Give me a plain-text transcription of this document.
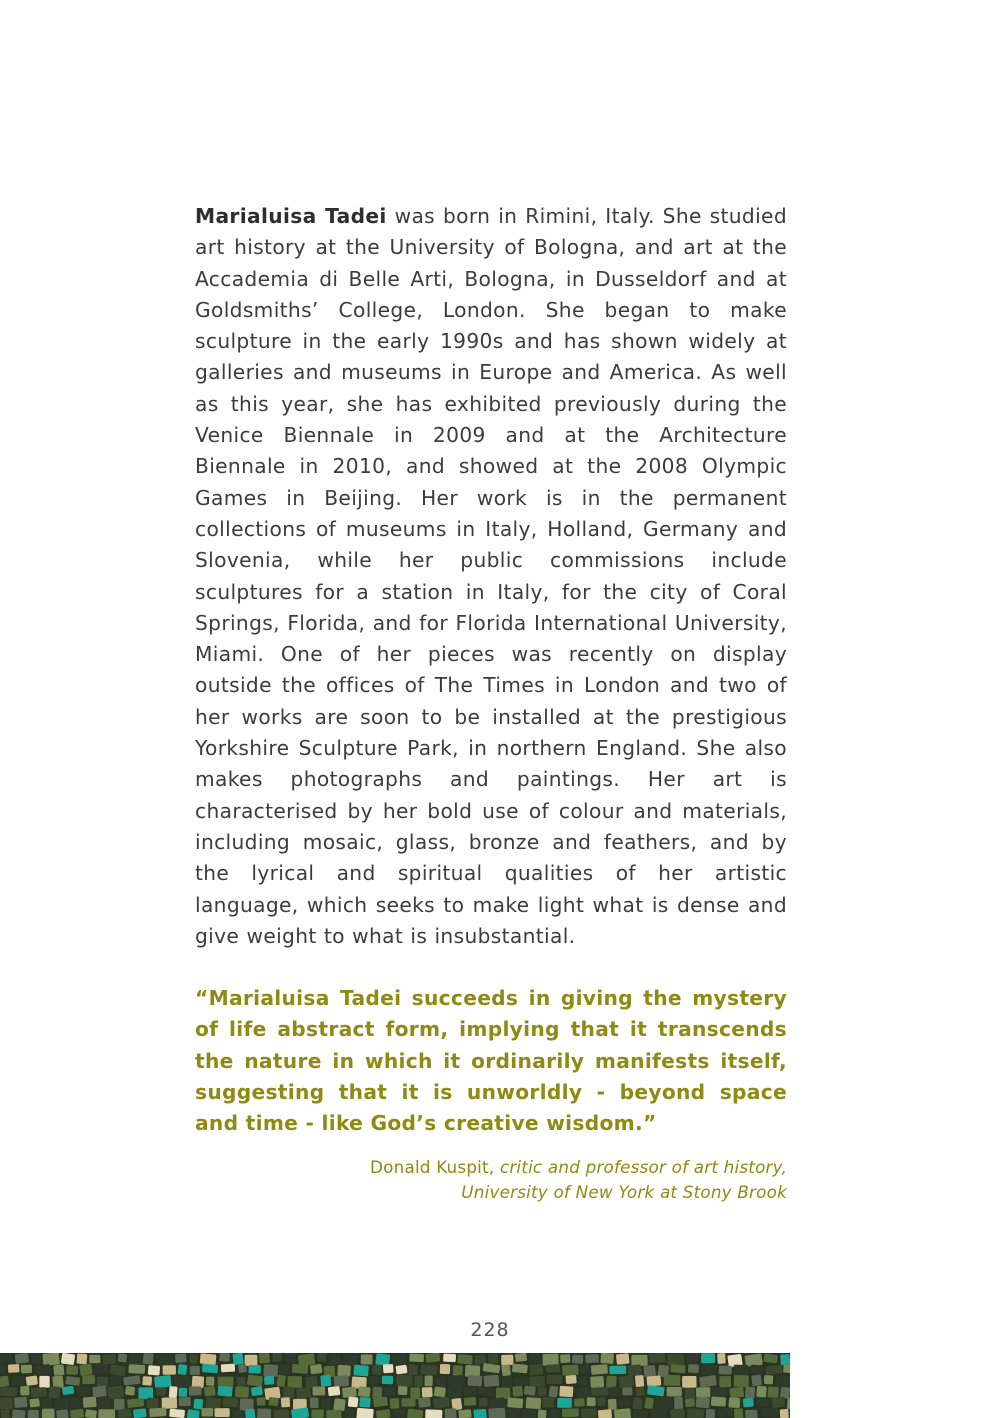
Marialuisa Tadei was born in Rimini, Italy. She studied art history at the University of Bologna, and art at the Accademia di Belle Arti, Bologna, in Dusseldorf and at Goldsmiths’ College, London. She began to make sculpture in the early 1990s and has shown widely at galleries and museums in Europe and America. As well as this year, she has exhibited previously during the Venice Biennale in 2009 and at the Architecture Biennale in 2010, and showed at the 2008 Olympic Games in Beijing. Her work is in the permanent collections of museums in Italy, Holland, Germany and Slovenia, while her public commissions include sculptures for a station in Italy, for the city of Coral Springs, Florida, and for Florida International University, Miami. One of her pieces was recently on display outside the offices of The Times in London and two of her works are soon to be installed at the prestigious Yorkshire Sculpture Park, in northern England. She also makes photographs and paintings. Her art is characterised by her bold use of colour and materials, including mosaic, glass, bronze and feathers, and by the lyrical and spiritual qualities of her artistic language, which seeks to make light what is dense and give weight to what is insubstantial.

“Marialuisa Tadei succeeds in giving the mystery of life abstract form, implying that it transcends the nature in which it ordinarily manifests itself, suggesting that it is unworldly - beyond space and time - like God’s creative wisdom.”

Donald Kuspit, critic and professor of art history,
University of New York at Stony Brook
228
